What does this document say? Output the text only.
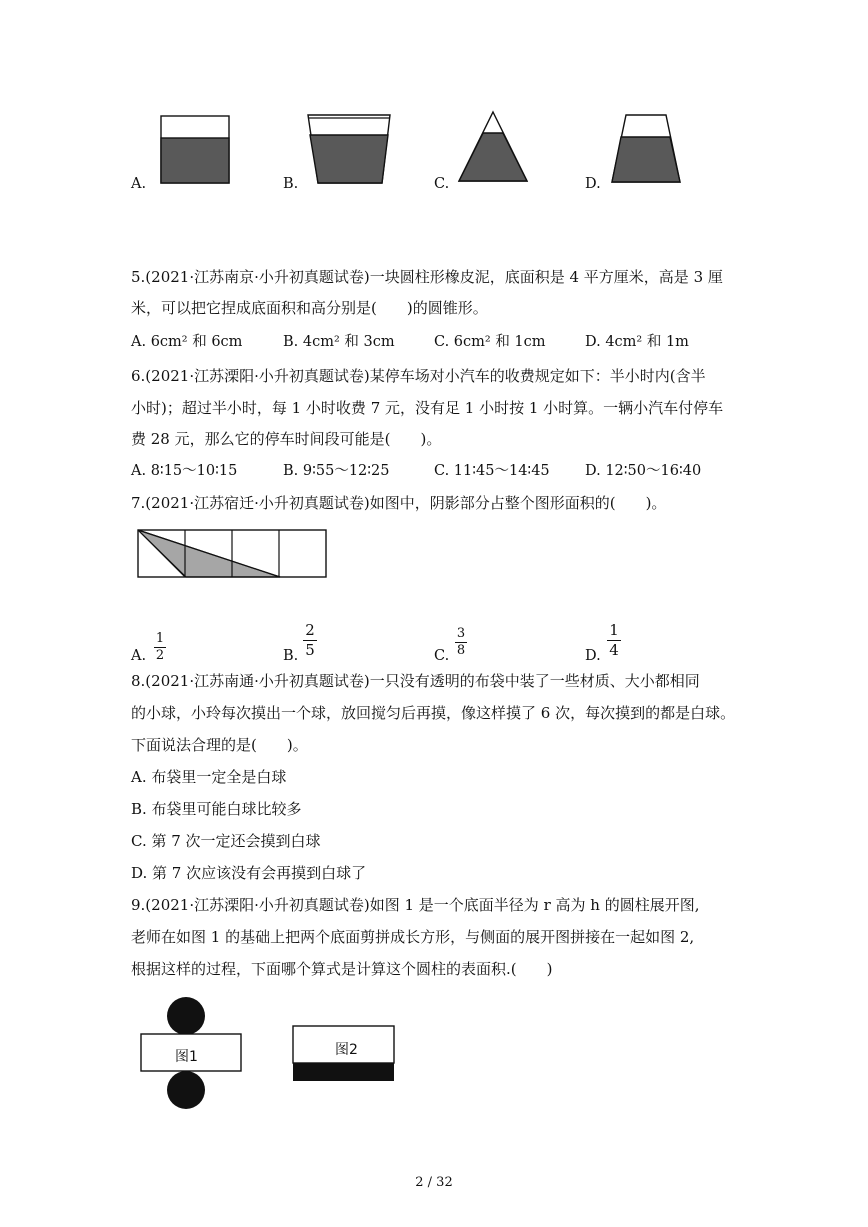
A.	B.	C.	D.
5.(2021·江苏南京·小升初真题试卷)一块圆柱形橡皮泥，底面积是 4 平方厘米，高是 3 厘
米，可以把它捏成底面积和高分别是(　　)的圆锥形。
A. 6cm² 和 6cm	B. 4cm² 和 3cm	C. 6cm² 和 1cm	D. 4cm² 和 1m
6.(2021·江苏溧阳·小升初真题试卷)某停车场对小汽车的收费规定如下：半小时内(含半
小时)；超过半小时，每 1 小时收费 7 元，没有足 1 小时按 1 小时算。一辆小汽车付停车
费 28 元，那么它的停车时间段可能是(　　)。
A. 8∶15～10∶15	B. 9∶55～12∶25	C. 11∶45～14∶45 D. 12∶50～16∶40
7.(2021·江苏宿迁·小升初真题试卷)如图中，阴影部分占整个图形面积的(　　)。
A.
1
2	B.
2
5	C.
3
8	D.
1
4
8.(2021·江苏南通·小升初真题试卷)一只没有透明的布袋中装了一些材质、大小都相同
的小球，小玲每次摸出一个球，放回搅匀后再摸，像这样摸了 6 次，每次摸到的都是白球。
下面说法合理的是(　　)。
A. 布袋里一定全是白球
B. 布袋里可能白球比较多
C. 第 7 次一定还会摸到白球
D. 第 7 次应该没有会再摸到白球了
9.(2021·江苏溧阳·小升初真题试卷)如图 1 是一个底面半径为 r 高为 h 的圆柱展开图,
老师在如图 1 的基础上把两个底面剪拼成长方形，与侧面的展开图拼接在一起如图 2,
根据这样的过程，下面哪个算式是计算这个圆柱的表面积.(　　)
图1	图2
2 / 32
